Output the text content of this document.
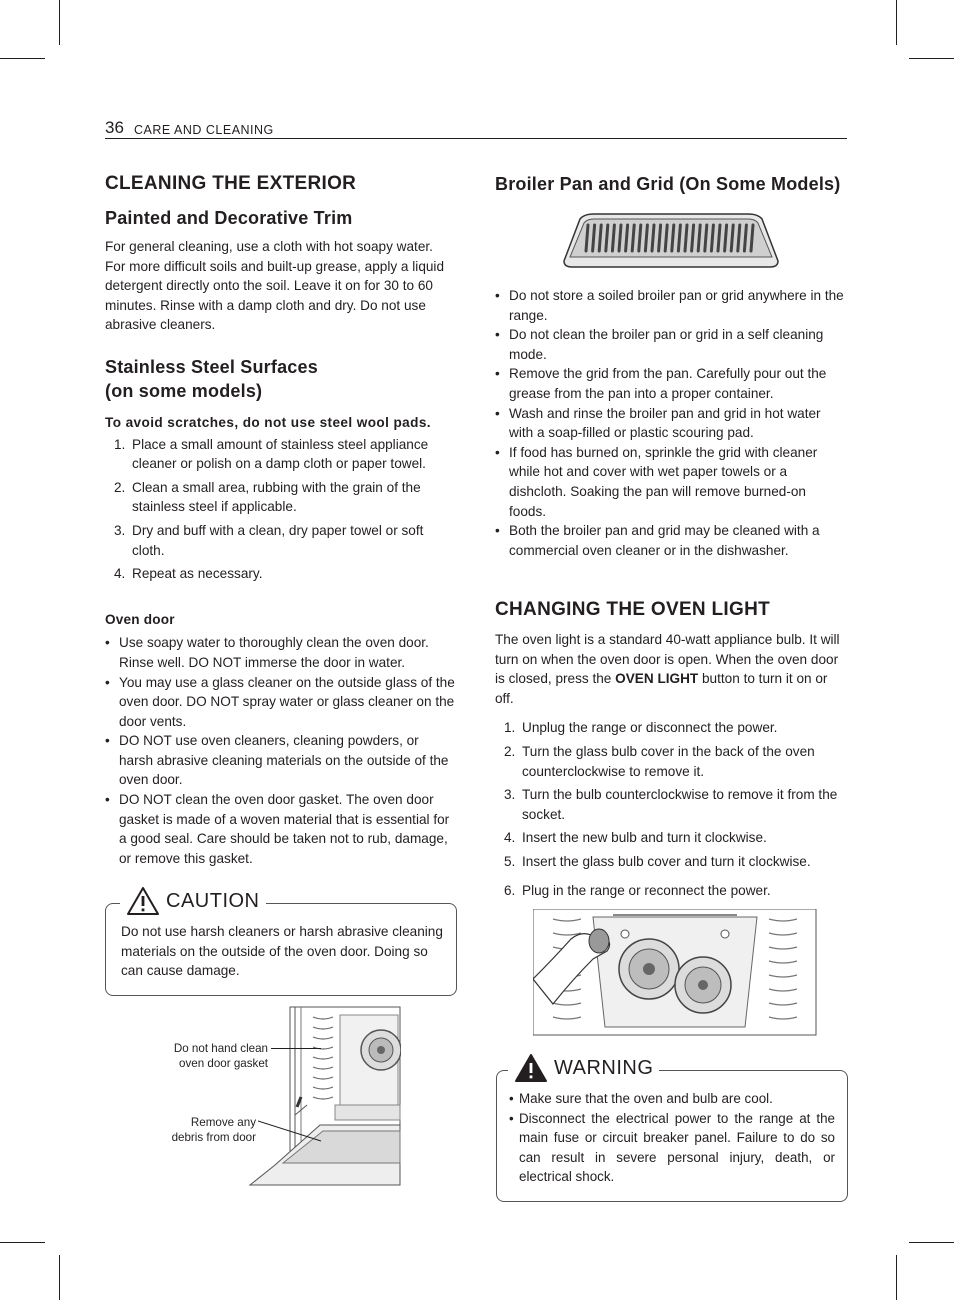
36 CARE AND CLEANING
CLEANING THE EXTERIOR
Painted and Decorative Trim

For general cleaning, use a cloth with hot soapy water. For more difficult soils and built-up grease, apply a liquid detergent directly onto the soil. Leave it on for 30 to 60 minutes. Rinse with a damp cloth and dry. Do not use abrasive cleaners.

Stainless Steel Surfaces
(on some models)
To avoid scratches, do not use steel wool pads.
1. Place a small amount of stainless steel appliance cleaner or polish on a damp cloth or paper towel.
2. Clean a small area, rubbing with the grain of the stainless steel if applicable.
3. Dry and buff with a clean, dry paper towel or soft cloth.
4. Repeat as necessary.
Oven door
• Use soapy water to thoroughly clean the oven door. Rinse well. DO NOT immerse the door in water.
• You may use a glass cleaner on the outside glass of the oven door. DO NOT spray water or glass cleaner on the door vents.
• DO NOT use oven cleaners, cleaning powders, or harsh abrasive cleaning materials on the outside of the oven door.
• DO NOT clean the oven door gasket. The oven door gasket is made of a woven material that is essential for a good seal. Care should be taken not to rub, damage, or remove this gasket.
Do not use harsh cleaners or harsh abrasive cleaning materials on the outside of the oven door. Doing so can cause damage.
CAUTION
Do not hand clean
oven door gasket
Remove any
debris from door
Broiler Pan and Grid (On Some Models)
• Do not store a soiled broiler pan or grid anywhere in the range.
• Do not clean the broiler pan or grid in a self cleaning mode.
• Remove the grid from the pan. Carefully pour out the grease from the pan into a proper container.
• Wash and rinse the broiler pan and grid in hot water with a soap-filled or plastic scouring pad.
• If food has burned on, sprinkle the grid with cleaner while hot and cover with wet paper towels or a dishcloth. Soaking the pan will remove burned-on foods.
• Both the broiler pan and grid may be cleaned with a commercial oven cleaner or in the dishwasher.
CHANGING THE OVEN LIGHT

The oven light is a standard 40-watt appliance bulb. It will turn on when the oven door is open. When the oven door is closed, press the OVEN LIGHT button to turn it on or off.

1. Unplug the range or disconnect the power.
2. Turn the glass bulb cover in the back of the oven counterclockwise to remove it.
3. Turn the bulb counterclockwise to remove it from the socket.
4. Insert the new bulb and turn it clockwise.
5. Insert the glass bulb cover and turn it clockwise.
6. Plug in the range or reconnect the power.
• Make sure that the oven and bulb are cool.
• Disconnect the electrical power to the range at the main fuse or circuit breaker panel. Failure to do so can result in severe personal injury, death, or electrical shock.
WARNING
